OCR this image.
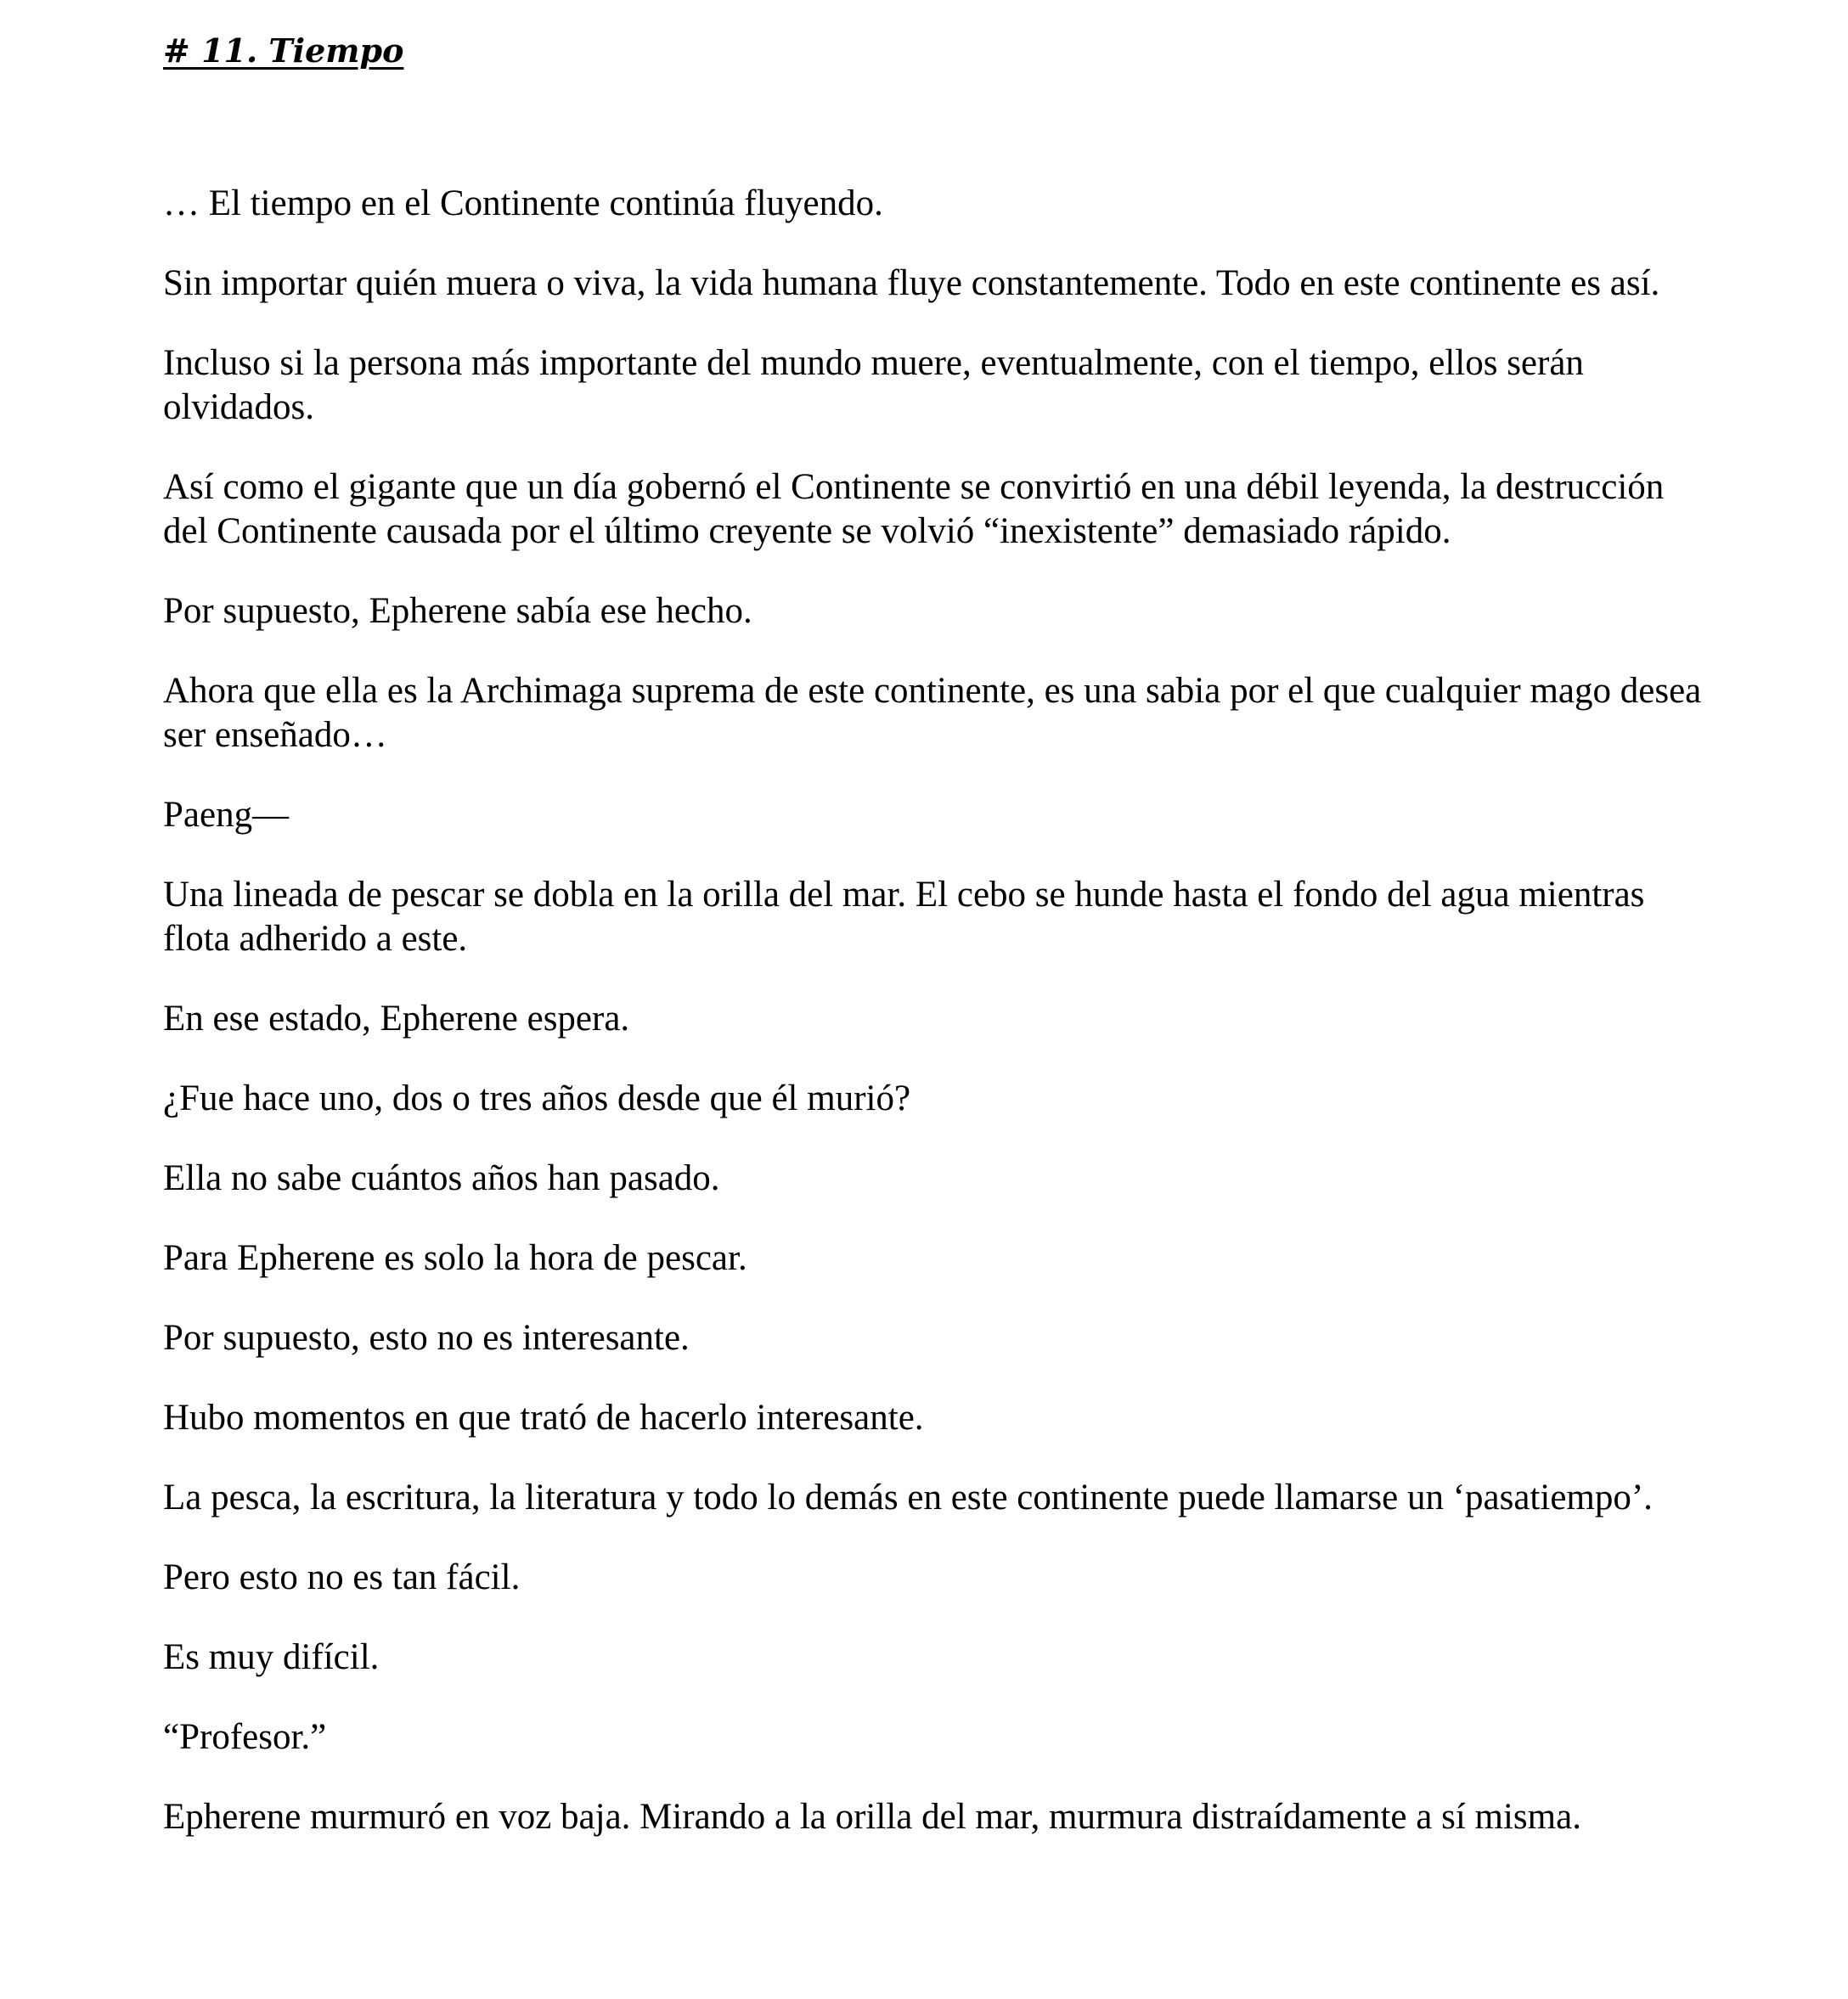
# 11. Tiempo

… El tiempo en el Continente continúa fluyendo.

Sin importar quién muera o viva, la vida humana fluye constantemente. Todo en este continente es así.

Incluso si la persona más importante del mundo muere, eventualmente, con el tiempo, ellos serán olvidados.

Así como el gigante que un día gobernó el Continente se convirtió en una débil leyenda, la destrucción del Continente causada por el último creyente se volvió “inexistente” demasiado rápido.

Por supuesto, Epherene sabía ese hecho.

Ahora que ella es la Archimaga suprema de este continente, es una sabia por el que cualquier mago desea ser enseñado…

Paeng—

Una lineada de pescar se dobla en la orilla del mar. El cebo se hunde hasta el fondo del agua mientras flota adherido a este.

En ese estado, Epherene espera.

¿Fue hace uno, dos o tres años desde que él murió?

Ella no sabe cuántos años han pasado.

Para Epherene es solo la hora de pescar.

Por supuesto, esto no es interesante.

Hubo momentos en que trató de hacerlo interesante.

La pesca, la escritura, la literatura y todo lo demás en este continente puede llamarse un ‘pasatiempo’.

Pero esto no es tan fácil.

Es muy difícil.

“Profesor.”

Epherene murmuró en voz baja. Mirando a la orilla del mar, murmura distraídamente a sí misma.
